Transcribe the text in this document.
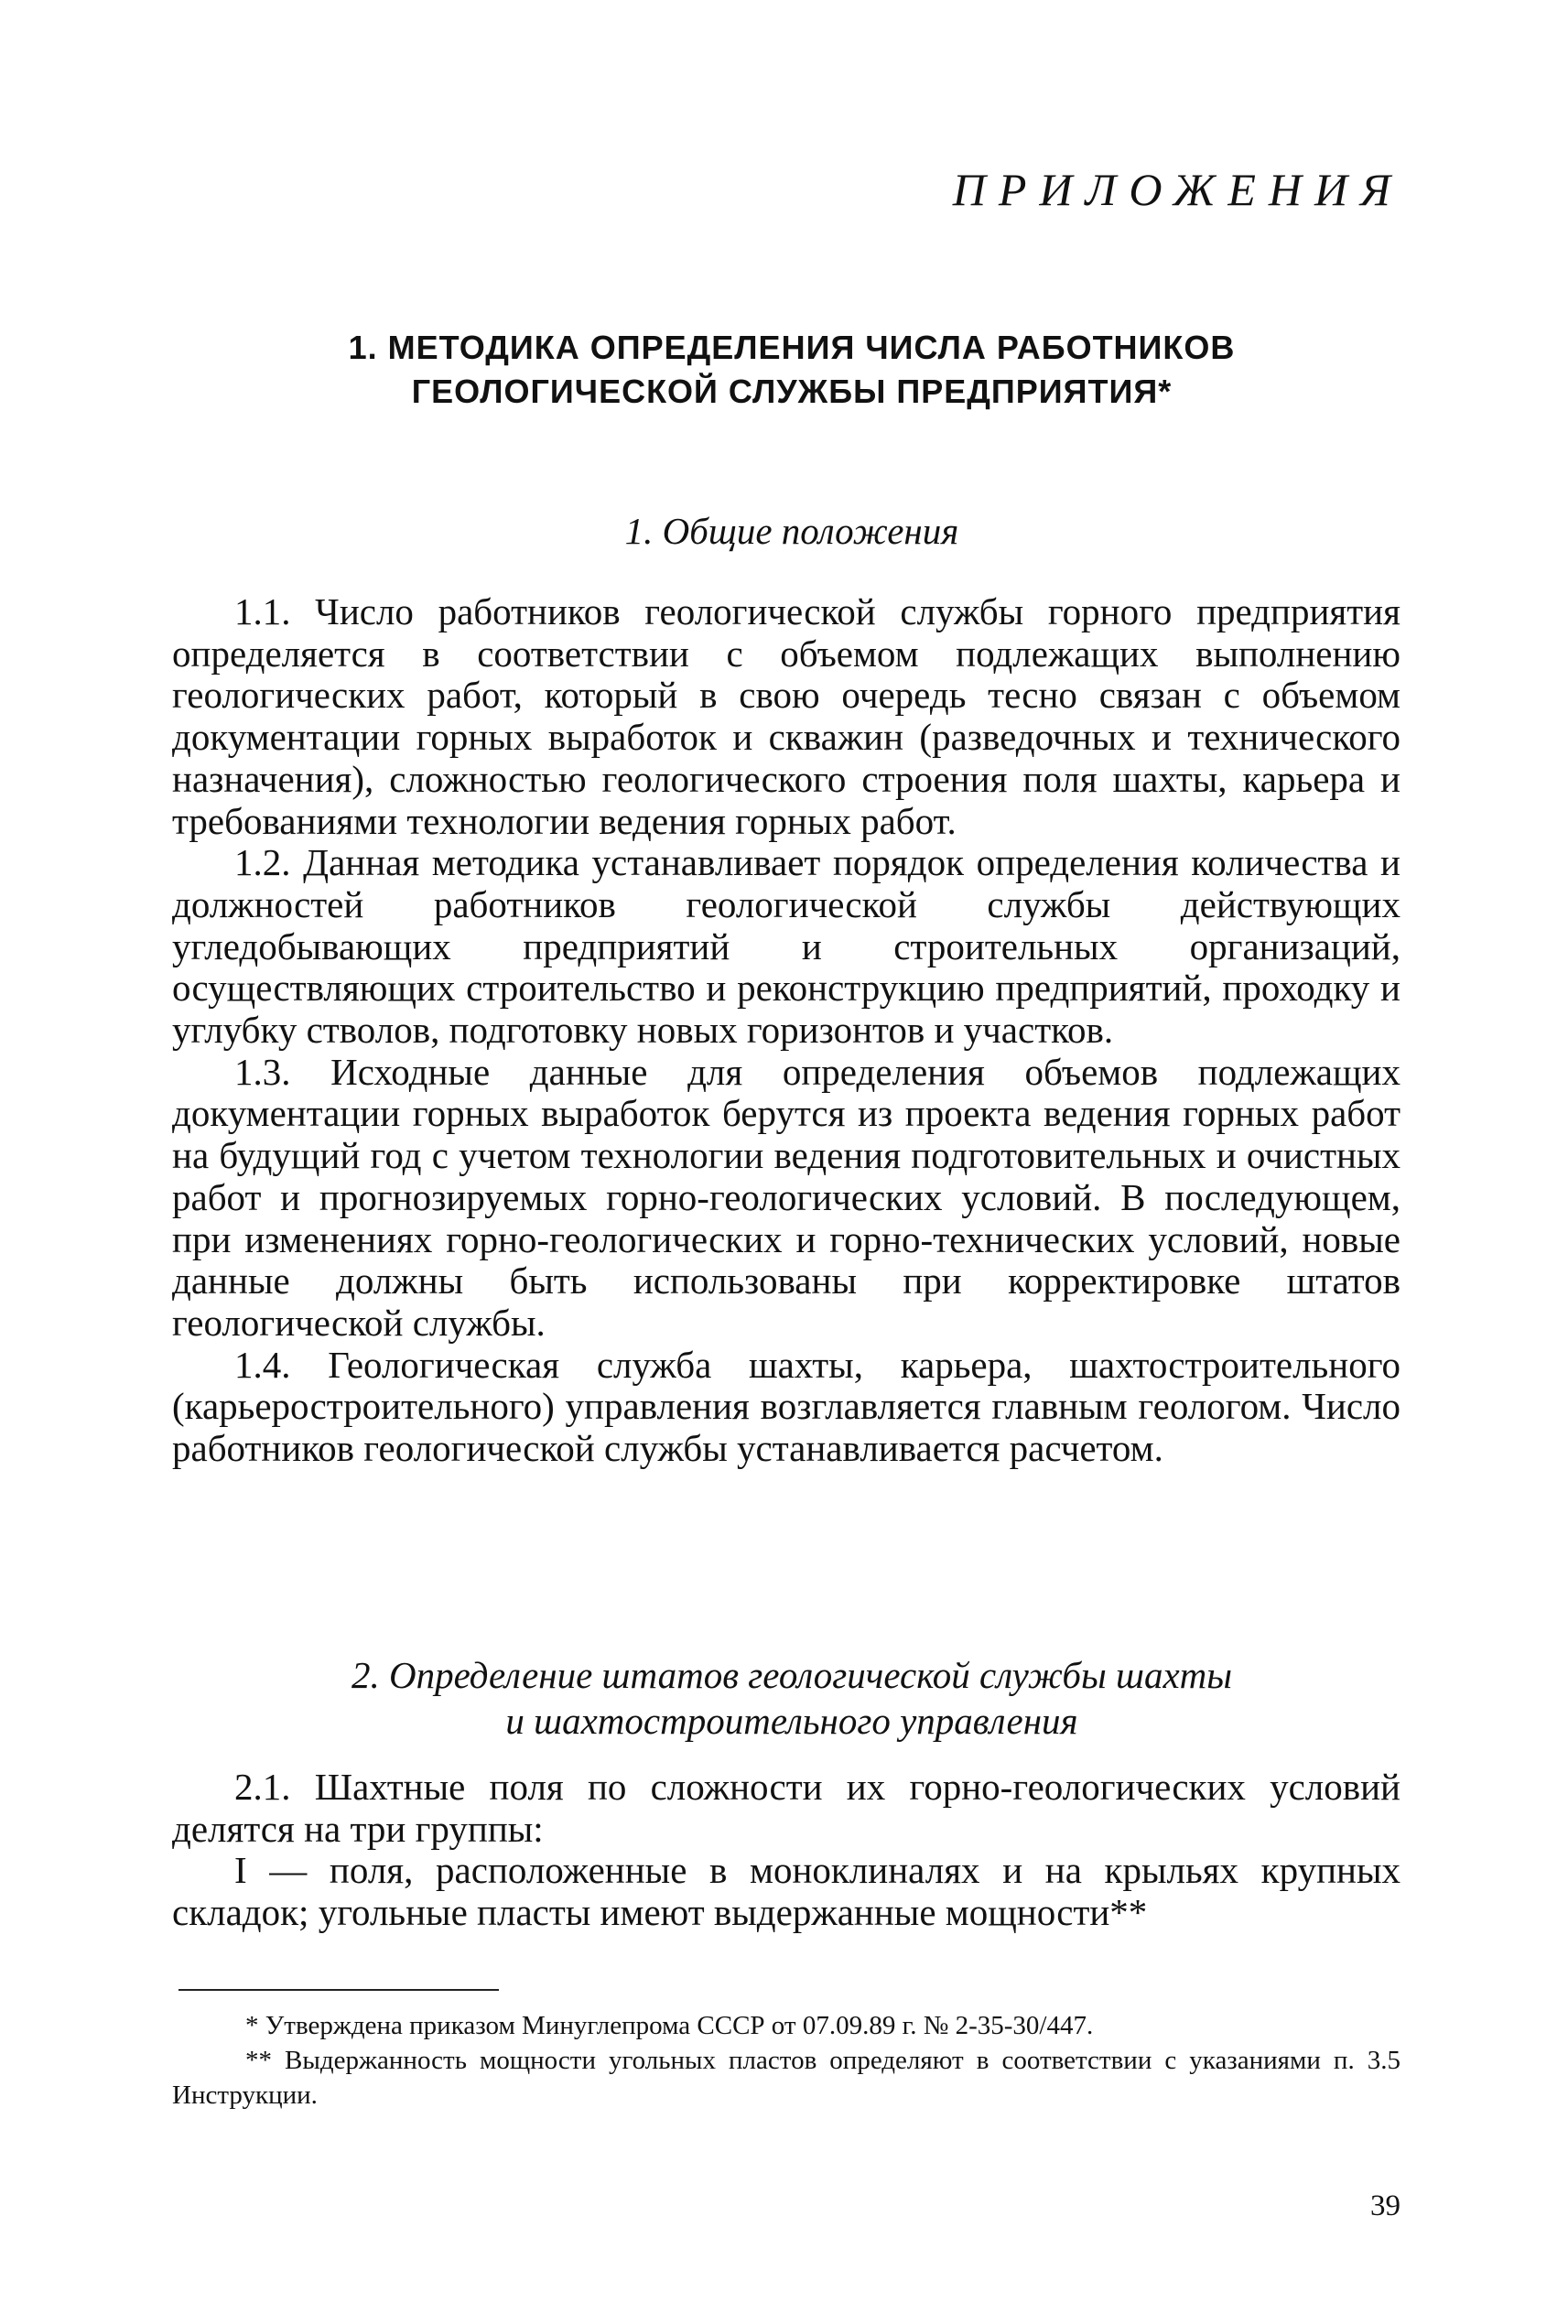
ПРИЛОЖЕНИЯ
1. МЕТОДИКА ОПРЕДЕЛЕНИЯ ЧИСЛА РАБОТНИКОВ
ГЕОЛОГИЧЕСКОЙ СЛУЖБЫ ПРЕДПРИЯТИЯ*
1. Общие положения

1.1. Число работников геологической службы горного предприятия определяется в соответствии с объемом подлежащих выполнению геологических работ, который в свою очередь тесно связан с объемом документации горных выработок и скважин (разведочных и технического назначения), сложностью геологического строения поля шахты, карьера и требованиями технологии ведения горных работ.

1.2. Данная методика устанавливает порядок определения количества и должностей работников геологической службы действующих угледобывающих предприятий и строительных организаций, осуществляющих строительство и реконструкцию предприятий, проходку и углубку стволов, подготовку новых горизонтов и участков.

1.3. Исходные данные для определения объемов подлежащих документации горных выработок берутся из проекта ведения горных работ на будущий год с учетом технологии ведения подготовительных и очистных работ и прогнозируемых горно-геологических условий. В последующем, при изменениях горно-геологических и горно-технических условий, новые данные должны быть использованы при корректировке штатов геологической службы.

1.4. Геологическая служба шахты, карьера, шахтостроительного (карьеростроительного) управления возглавляется главным геологом. Число работников геологической службы устанавливается расчетом.

2. Определение штатов геологической службы шахты
и шахтостроительного управления

2.1. Шахтные поля по сложности их горно-геологических условий делятся на три группы:

I — поля, расположенные в моноклиналях и на крыльях крупных складок; угольные пласты имеют выдержанные мощности**

* Утверждена приказом Минуглепрома СССР от 07.09.89 г. № 2-35-30/447.

** Выдержанность мощности угольных пластов определяют в соответствии с указаниями п. 3.5 Инструкции.

39
